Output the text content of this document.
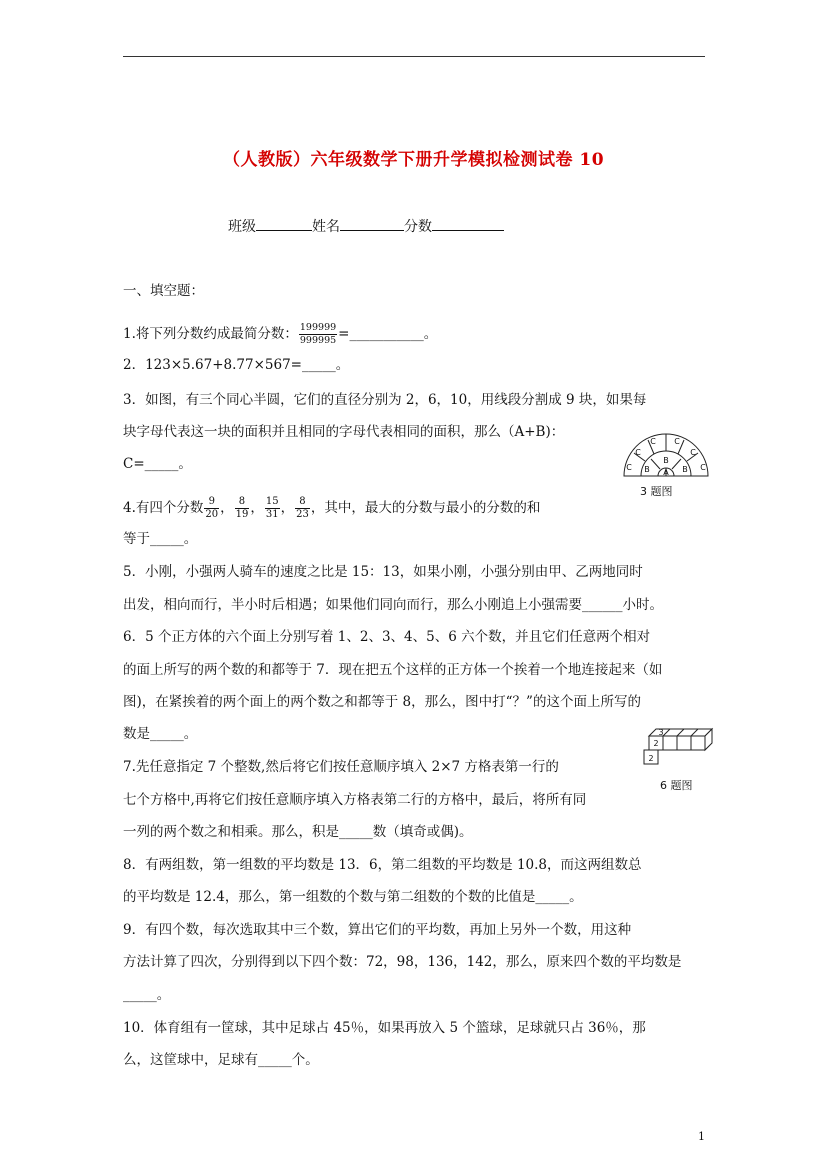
（人教版）六年级数学下册升学模拟检测试卷 10
班级	姓名	分数
一、填空题：
1.将下列分数约成最简分数： $\frac{199999}{999995}$ =___________。
2．123×5.67+8.77×567=_____。
3．如图，有三个同心半圆，它们的直径分别为 2，6，10，用线段分割成 9 块，如果每
块字母代表这一块的面积并且相同的字母代表相同的面积，那么（A+B)：
C=_____。	C
C
C C
C
C
B
B
B
A
3 题图
4.有四个分数 $\frac{9}{20}$ ， $\frac{8}{19}$ ， $\frac{15}{31}$ ， $\frac{8}{23}$ ，其中，最大的分数与最小的分数的和
等于_____。
5．小刚，小强两人骑车的速度之比是 15：13，如果小刚，小强分别由甲、乙两地同时
出发，相向而行，半小时后相遇；如果他们同向而行，那么小刚追上小强需要______小时。
6．5 个正方体的六个面上分别写着 1、2、3、4、5、6 六个数，并且它们任意两个相对
的面上所写的两个数的和都等于 7．现在把五个这样的正方体一个挨着一个地连接起来（如
图)，在紧挨着的两个面上的两个数之和都等于 8，那么，图中打“？”的这个面上所写的
数是_____。
2
3
2
6 题图
7.先任意指定 7 个整数,然后将它们按任意顺序填入 2×7 方格表第一行的
七个方格中,再将它们按任意顺序填入方格表第二行的方格中，最后，将所有同
一列的两个数之和相乘。那么，积是_____数（填奇或偶)。
8．有两组数，第一组数的平均数是 13．6，第二组数的平均数是 10.8，而这两组数总
的平均数是 12.4，那么，第一组数的个数与第二组数的个数的比值是_____。
9．有四个数，每次选取其中三个数，算出它们的平均数，再加上另外一个数，用这种
方法计算了四次，分别得到以下四个数：72，98，136，142，那么，原来四个数的平均数是
_____。
10．体育组有一筐球，其中足球占 45％，如果再放入 5 个篮球，足球就只占 36％，那
么，这筐球中，足球有_____个。
1
